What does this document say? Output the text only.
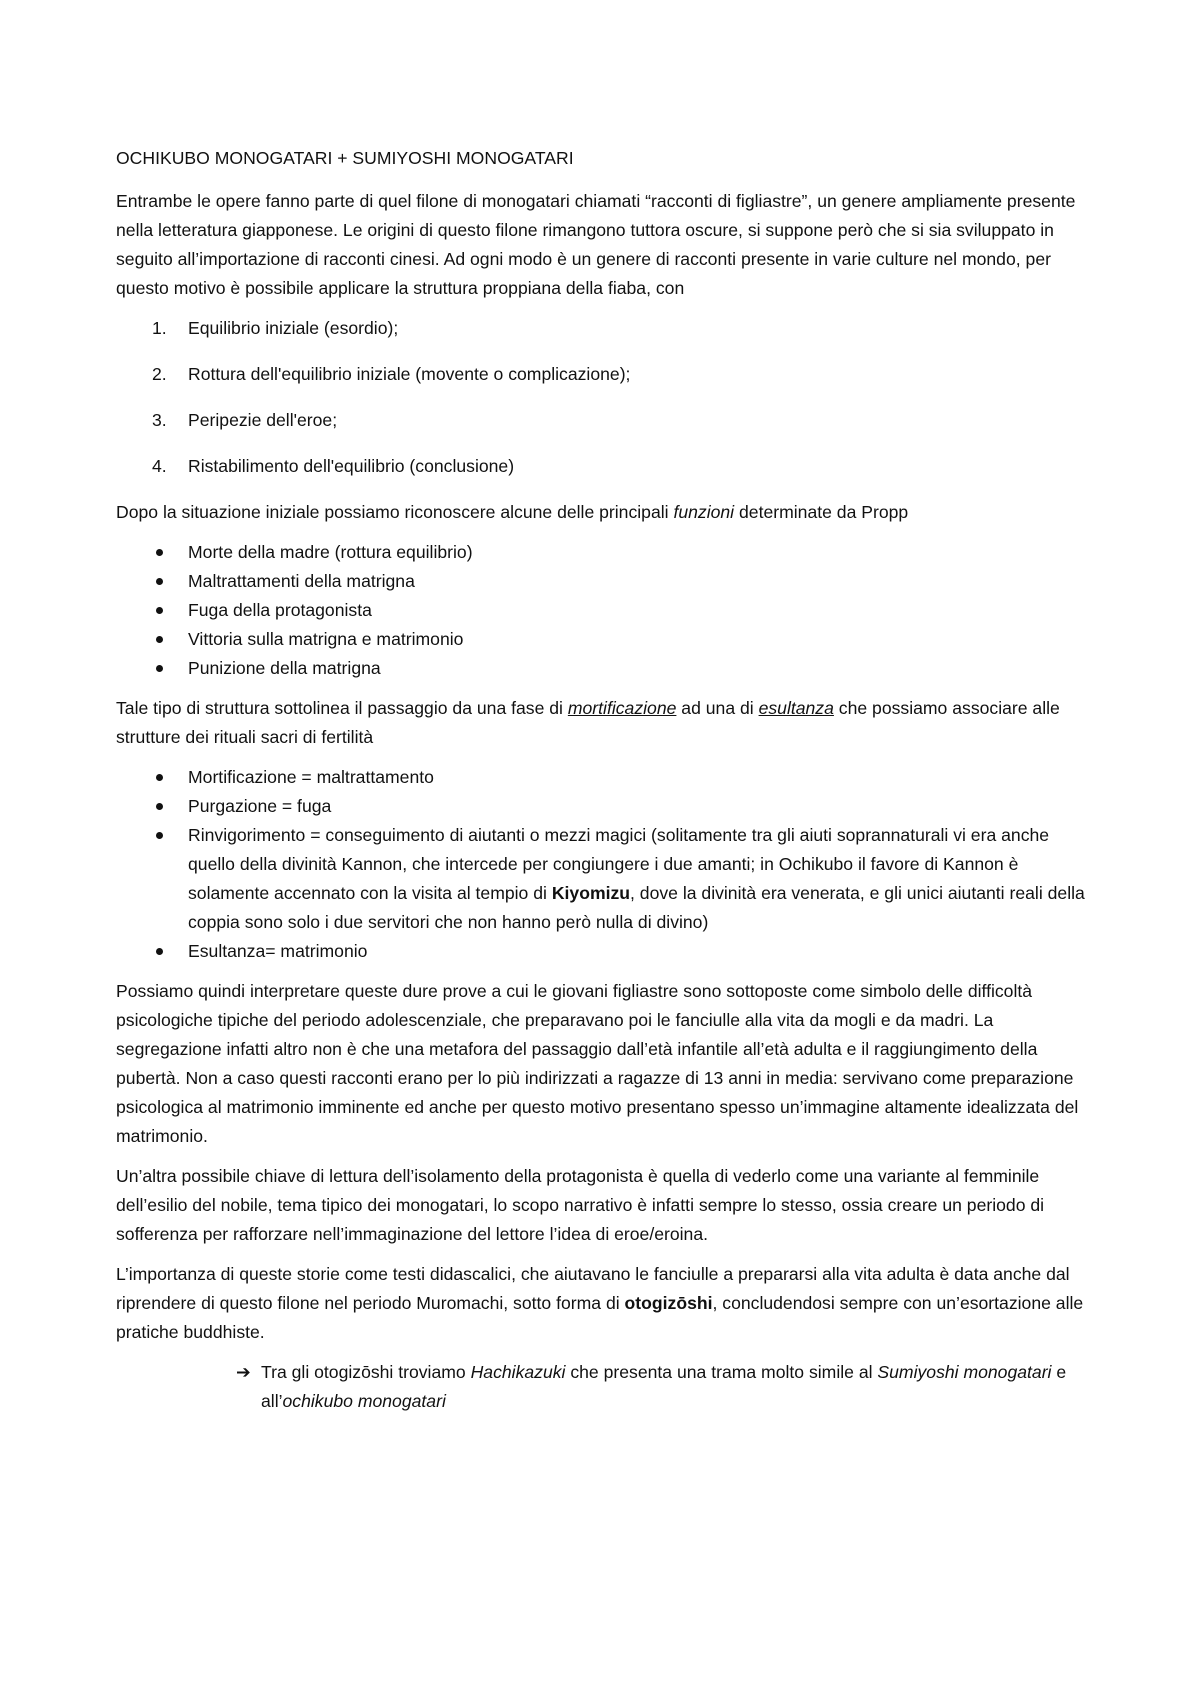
OCHIKUBO MONOGATARI + SUMIYOSHI MONOGATARI

Entrambe le opere fanno parte di quel filone di monogatari chiamati “racconti di figliastre”, un genere ampliamente presente nella letteratura giapponese. Le origini di questo filone rimangono tuttora oscure, si suppone però che si sia sviluppato in seguito all’importazione di racconti cinesi. Ad ogni modo è un genere di racconti presente in varie culture nel mondo, per questo motivo è possibile applicare la struttura proppiana della fiaba, con

1. Equilibrio iniziale (esordio);
2. Rottura dell'equilibrio iniziale (movente o complicazione);
3. Peripezie dell'eroe;
4. Ristabilimento dell'equilibrio (conclusione)

Dopo la situazione iniziale possiamo riconoscere alcune delle principali funzioni determinate da Propp

Morte della madre (rottura equilibrio)
Maltrattamenti della matrigna
Fuga della protagonista
Vittoria sulla matrigna e matrimonio
Punizione della matrigna

Tale tipo di struttura sottolinea il passaggio da una fase di mortificazione ad una di esultanza che possiamo associare alle strutture dei rituali sacri di fertilità

Mortificazione = maltrattamento
Purgazione = fuga
Rinvigorimento = conseguimento di aiutanti o mezzi magici (solitamente tra gli aiuti soprannaturali vi era anche quello della divinità Kannon, che intercede per congiungere i due amanti; in Ochikubo il favore di Kannon è solamente accennato con la visita al tempio di Kiyomizu, dove la divinità era venerata, e gli unici aiutanti reali della coppia sono solo i due servitori che non hanno però nulla di divino)
Esultanza= matrimonio

Possiamo quindi interpretare queste dure prove a cui le giovani figliastre sono sottoposte come simbolo delle difficoltà psicologiche tipiche del periodo adolescenziale, che preparavano poi le fanciulle alla vita da mogli e da madri. La segregazione infatti altro non è che una metafora del passaggio dall’età infantile all’età adulta e il raggiungimento della pubertà. Non a caso questi racconti erano per lo più indirizzati a ragazze di 13 anni in media: servivano come preparazione psicologica al matrimonio imminente ed anche per questo motivo presentano spesso un’immagine altamente idealizzata del matrimonio.

Un’altra possibile chiave di lettura dell’isolamento della protagonista è quella di vederlo come una variante al femminile dell’esilio del nobile, tema tipico dei monogatari, lo scopo narrativo è infatti sempre lo stesso, ossia creare un periodo di sofferenza per rafforzare nell’immaginazione del lettore l’idea di eroe/eroina.

L’importanza di queste storie come testi didascalici, che aiutavano le fanciulle a prepararsi alla vita adulta è data anche dal riprendere di questo filone nel periodo Muromachi, sotto forma di otogizōshi, concludendosi sempre con un’esortazione alle pratiche buddhiste.

➔ Tra gli otogizōshi troviamo Hachikazuki che presenta una trama molto simile al Sumiyoshi monogatari e all’ochikubo monogatari
